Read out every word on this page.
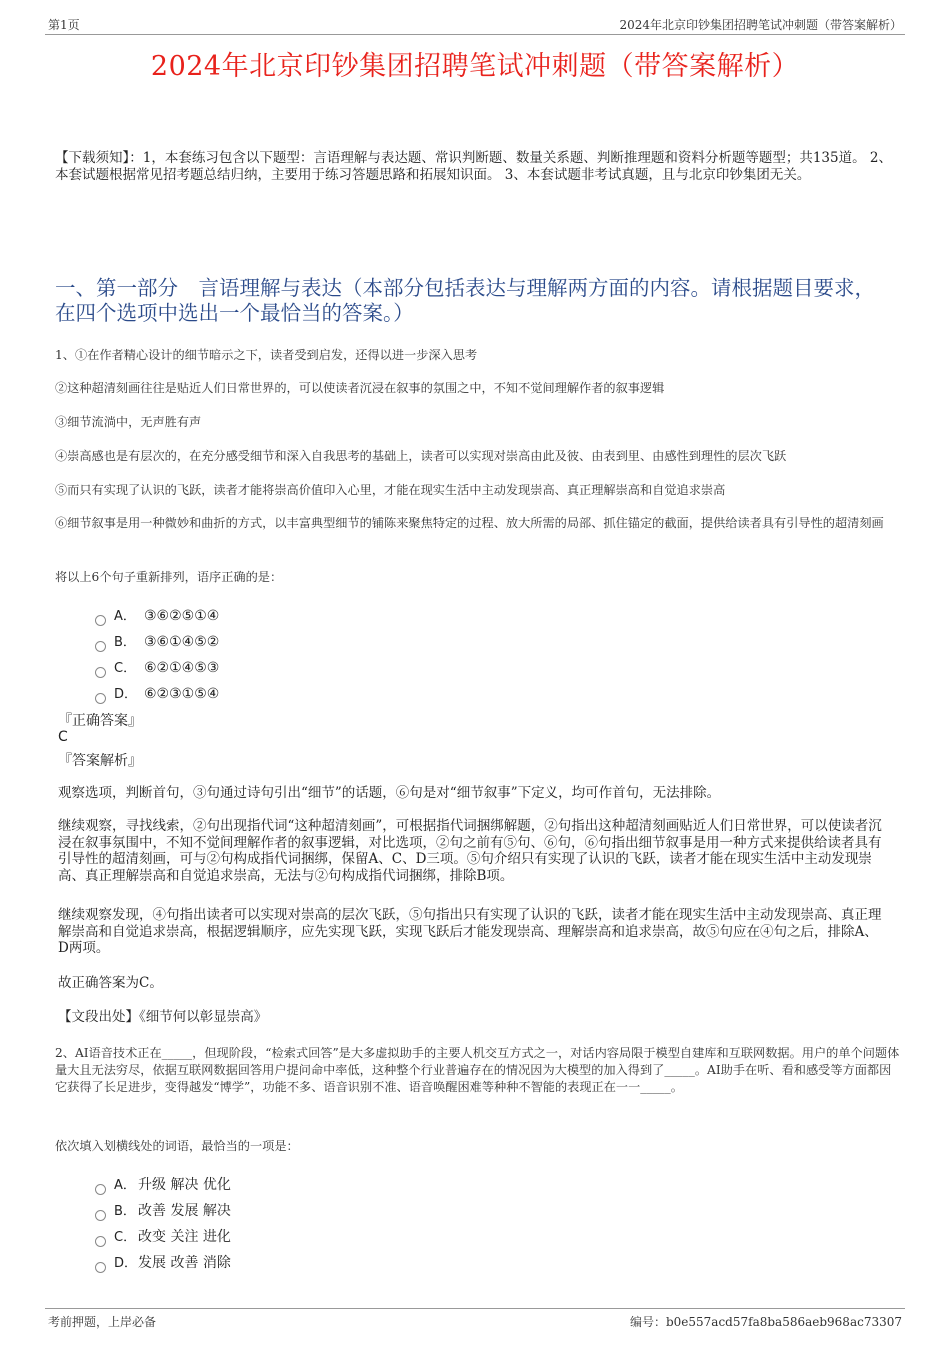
第1页	2024年北京印钞集团招聘笔试冲刺题（带答案解析）
2024年北京印钞集团招聘笔试冲刺题（带答案解析）
【下载须知】：1，本套练习包含以下题型：言语理解与表达题、常识判断题、数量关系题、判断推理题和资料分析题等题型；共135道。 2、本套试题根据常见招考题总结归纳，主要用于练习答题思路和拓展知识面。 3、本套试题非考试真题，且与北京印钞集团无关。
一、第一部分　言语理解与表达（本部分包括表达与理解两方面的内容。请根据题目要求，在四个选项中选出一个最恰当的答案。）
1、①在作者精心设计的细节暗示之下，读者受到启发，还得以进一步深入思考
②这种超清刻画往往是贴近人们日常世界的，可以使读者沉浸在叙事的氛围之中，不知不觉间理解作者的叙事逻辑
③细节流淌中，无声胜有声
④崇高感也是有层次的，在充分感受细节和深入自我思考的基础上，读者可以实现对崇高由此及彼、由表到里、由感性到理性的层次飞跃
⑤而只有实现了认识的飞跃，读者才能将崇高价值印入心里，才能在现实生活中主动发现崇高、真正理解崇高和自觉追求崇高
⑥细节叙事是用一种微妙和曲折的方式，以丰富典型细节的铺陈来聚焦特定的过程、放大所需的局部、抓住锚定的截面，提供给读者具有引导性的超清刻画
将以上6个句子重新排列，语序正确的是：
A． ③⑥②⑤①④
B． ③⑥①④⑤②
C． ⑥②①④⑤③
D． ⑥②③①⑤④
『正确答案』
C
『答案解析』
观察选项，判断首句，③句通过诗句引出“细节”的话题，⑥句是对“细节叙事”下定义，均可作首句，无法排除。
继续观察，寻找线索，②句出现指代词“这种超清刻画”，可根据指代词捆绑解题，②句指出这种超清刻画贴近人们日常世界，可以使读者沉浸在叙事氛围中，不知不觉间理解作者的叙事逻辑，对比选项，②句之前有⑤句、⑥句，⑥句指出细节叙事是用一种方式来提供给读者具有引导性的超清刻画，可与②句构成指代词捆绑，保留A、C、D三项。⑤句介绍只有实现了认识的飞跃，读者才能在现实生活中主动发现崇高、真正理解崇高和自觉追求崇高，无法与②句构成指代词捆绑，排除B项。
继续观察发现，④句指出读者可以实现对崇高的层次飞跃，⑤句指出只有实现了认识的飞跃，读者才能在现实生活中主动发现崇高、真正理解崇高和自觉追求崇高，根据逻辑顺序，应先实现飞跃，实现飞跃后才能发现崇高、理解崇高和追求崇高，故⑤句应在④句之后，排除A、D两项。
故正确答案为C。
【文段出处】《细节何以彰显崇高》
2、AI语音技术正在_____，但现阶段，“检索式回答”是大多虚拟助手的主要人机交互方式之一，对话内容局限于模型自建库和互联网数据。用户的单个问题体量大且无法穷尽，依据互联网数据回答用户提问命中率低，这种整个行业普遍存在的情况因为大模型的加入得到了_____。AI助手在听、看和感受等方面都因它获得了长足进步，变得越发“博学”，功能不多、语音识别不准、语音唤醒困难等种种不智能的表现正在一一_____。
依次填入划横线处的词语，最恰当的一项是：
A． 升级 解决 优化
B． 改善 发展 解决
C． 改变 关注 进化
D．发展 改善 消除
考前押题，上岸必备	编号：b0e557acd57fa8ba586aeb968ac73307
